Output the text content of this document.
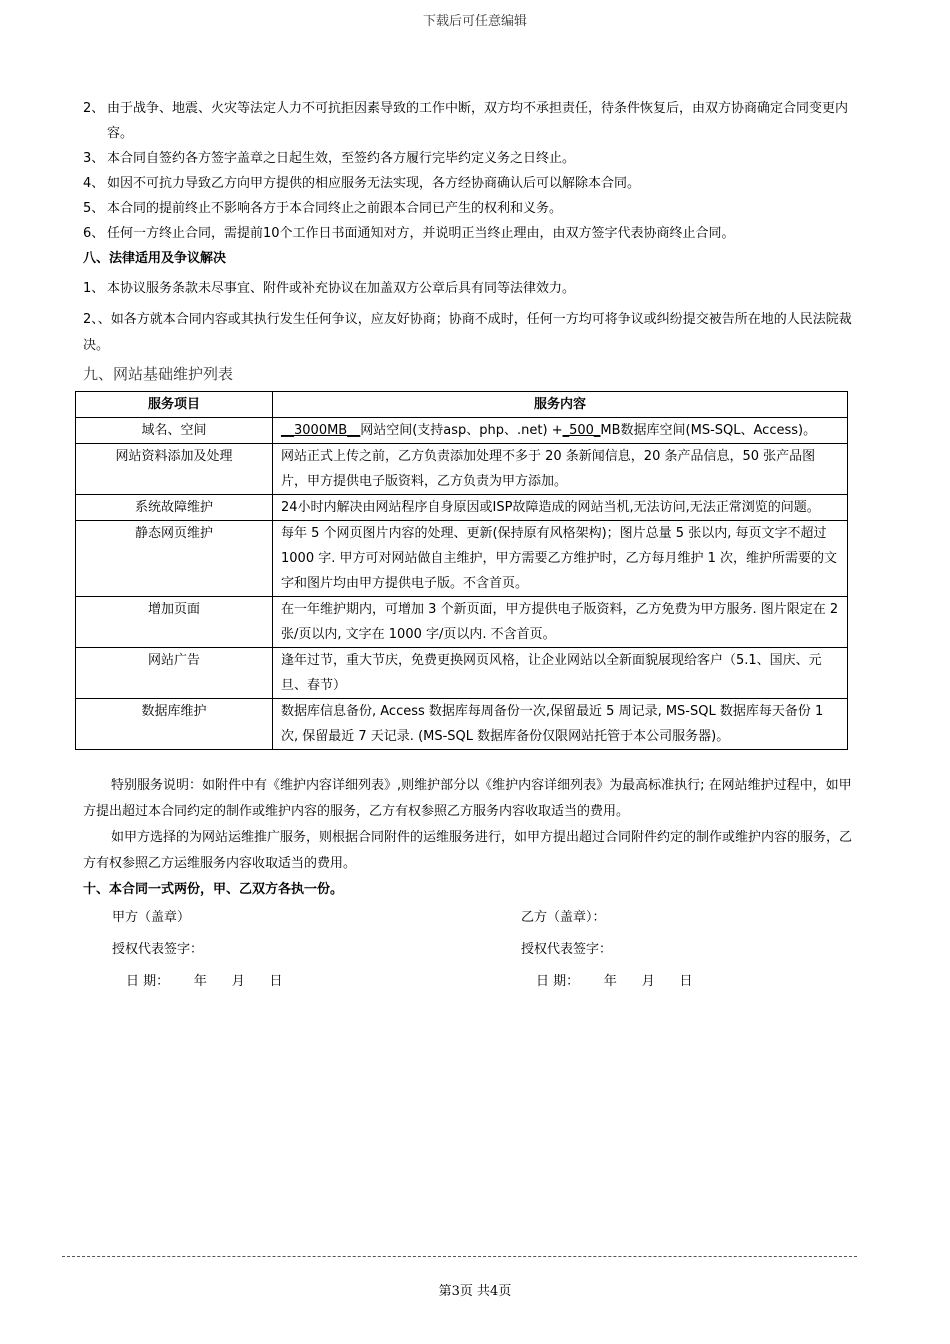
下载后可任意编辑
2、 由于战争、地震、火灾等法定人力不可抗拒因素导致的工作中断，双方均不承担责任，待条件恢复后，由双方协商确定合同变更内容。
3、 本合同自签约各方签字盖章之日起生效，至签约各方履行完毕约定义务之日终止。
4、 如因不可抗力导致乙方向甲方提供的相应服务无法实现，各方经协商确认后可以解除本合同。
5、 本合同的提前终止不影响各方于本合同终止之前跟本合同已产生的权利和义务。
6、 任何一方终止合同，需提前10个工作日书面通知对方，并说明正当终止理由，由双方签字代表协商终止合同。
八、法律适用及争议解决
1、 本协议服务条款未尽事宜、附件或补充协议在加盖双方公章后具有同等法律效力。
2、、如各方就本合同内容或其执行发生任何争议，应友好协商；协商不成时，任何一方均可将争议或纠纷提交被告所在地的人民法院裁决。
九、网站基础维护列表
服务项目	服务内容
域名、空间	__3000MB__网站空间(支持asp、php、.net) +_500_MB数据库空间(MS-SQL、Access)。
网站资料添加及处理	网站正式上传之前，乙方负责添加处理不多于 20 条新闻信息，20 条产品信息，50 张产品图片，甲方提供电子版资料，乙方负责为甲方添加。
系统故障维护	24小时内解决由网站程序自身原因或ISP故障造成的网站当机,无法访问,无法正常浏览的问题。
静态网页维护	每年 5 个网页图片内容的处理、更新(保持原有风格架构)；图片总量 5 张以内, 每页文字不超过 1000 字. 甲方可对网站做自主维护，甲方需要乙方维护时，乙方每月维护 1 次，维护所需要的文字和图片均由甲方提供电子版。不含首页。
增加页面	在一年维护期内，可增加 3 个新页面，甲方提供电子版资料，乙方免费为甲方服务. 图片限定在 2 张/页以内, 文字在 1000 字/页以内. 不含首页。
网站广告	逢年过节，重大节庆，免费更换网页风格，让企业网站以全新面貌展现给客户（5.1、国庆、元旦、春节）
数据库维护	数据库信息备份, Access 数据库每周备份一次,保留最近 5 周记录, MS-SQL 数据库每天备份 1 次, 保留最近 7 天记录. (MS-SQL 数据库备份仅限网站托管于本公司服务器)。
特别服务说明：如附件中有《维护内容详细列表》,则维护部分以《维护内容详细列表》为最高标准执行; 在网站维护过程中，如甲方提出超过本合同约定的制作或维护内容的服务，乙方有权参照乙方服务内容收取适当的费用。
如甲方选择的为网站运维推广服务，则根据合同附件的运维服务进行，如甲方提出超过合同附件约定的制作或维护内容的服务，乙方有权参照乙方运维服务内容收取适当的费用。
十、本合同一式两份，甲、乙双方各执一份。
甲方（盖章）	乙方（盖章）：
授权代表签字：	授权代表签字：
日 期：      年      月      日	日 期：      年      月      日
第3页 共4页
